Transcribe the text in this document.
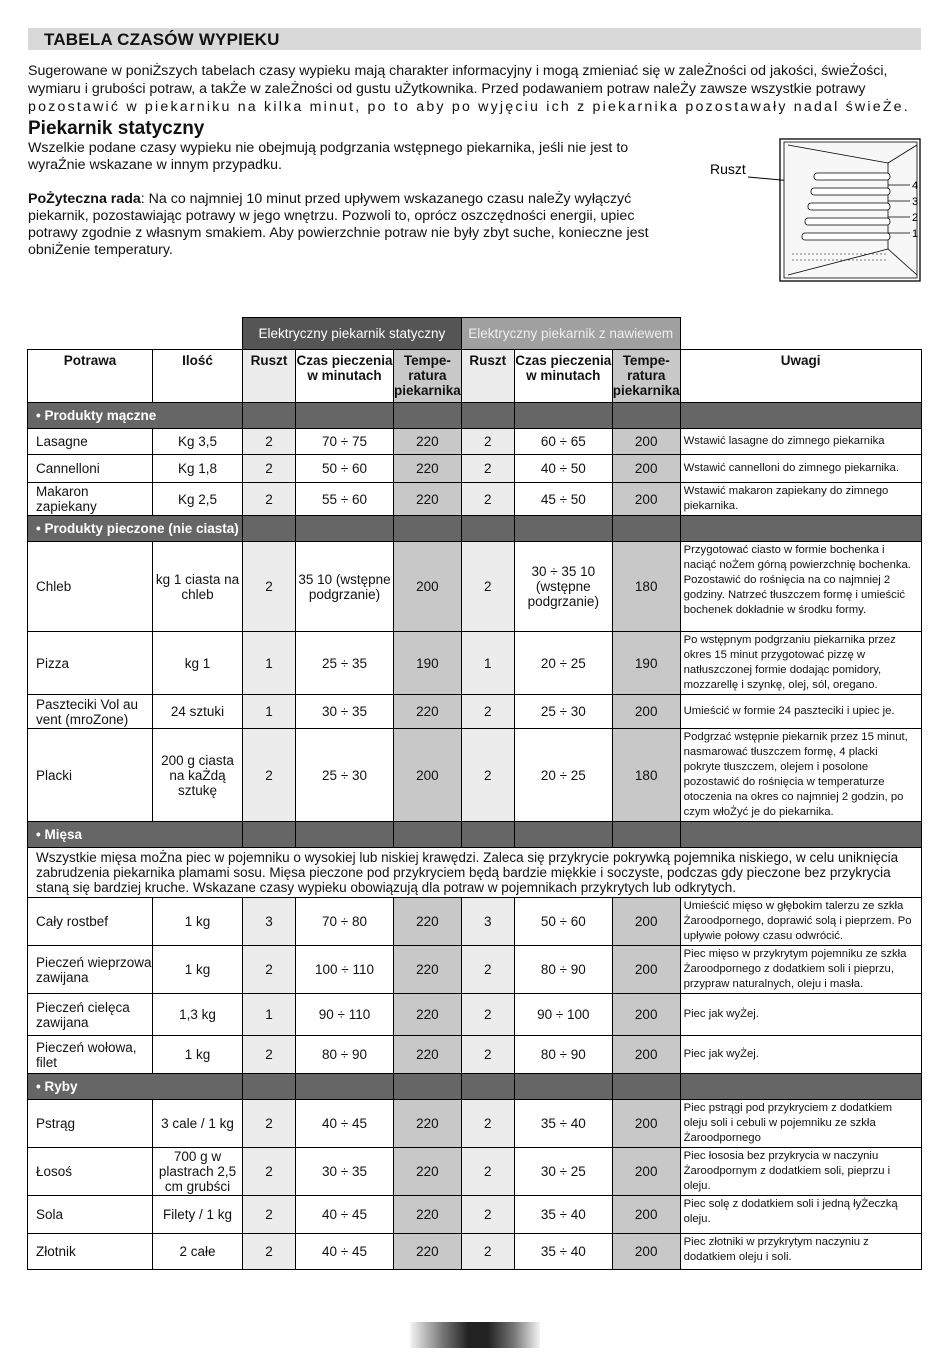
TABELA CZASÓW WYPIEKU
Sugerowane w poniŻszych tabelach czasy wypieku mają charakter informacyjny i mogą zmieniać się w zaleŻności od jakości, świeŻości,
wymiaru i grubości potraw, a takŻe w zaleŻności od gustu uŻytkownika. Przed podawaniem potraw naleŻy zawsze wszystkie potrawy
pozostawić w piekarniku na kilka minut, po to aby po wyjęciu ich z piekarnika pozostawały nadal świeŻe.
Piekarnik statyczny
Wszelkie podane czasy wypieku nie obejmują podgrzania wstępnego piekarnika, jeśli nie jest to wyraŹnie wskazane w innym przypadku.
PoŻyteczna rada: Na co najmniej 10 minut przed upływem wskazanego czasu naleŻy wyłączyć piekarnik, pozostawiając potrawy w jego wnętrzu. Pozwoli to, oprócz oszczędności energii, upiec potrawy zgodnie z własnym smakiem. Aby powierzchnie potraw nie były zbyt suche, konieczne jest obniŻenie temperatury.
Ruszt
4
3
2
1
		Elektryczny piekarnik statyczny			Elektryczny piekarnik z nawiewem			
Potrawa	Ilość	Ruszt	Czas pieczenia w minutach	Tempe- ratura piekarnika	Ruszt	Czas pieczenia w minutach	Tempe- ratura piekarnika	Uwagi
• Produkty mączne								
Lasagne	Kg 3,5	2	70 ÷ 75	220	2	60 ÷ 65	200	Wstawić lasagne do zimnego piekarnika
Cannelloni	Kg 1,8	2	50 ÷ 60	220	2	40 ÷ 50	200	Wstawić cannelloni do zimnego piekarnika.
Makaron zapiekany	Kg 2,5	2	55 ÷ 60	220	2	45 ÷ 50	200	Wstawić makaron zapiekany do zimnego piekarnika.
• Produkty pieczone (nie ciasta)								
Chleb	kg 1 ciasta na chleb	2	35 10 (wstępne podgrzanie)	200	2	30 ÷ 35 10 (wstępne podgrzanie)	180	Przygotować ciasto w formie bochenka i naciąć noŻem górną powierzchnię bochenka. Pozostawić do rośnięcia na co najmniej 2 godziny. Natrzeć tłuszczem formę i umieścić bochenek dokładnie w środku formy.
Pizza	kg 1	1	25 ÷ 35	190	1	20 ÷ 25	190	Po wstępnym podgrzaniu piekarnika przez okres 15 minut przygotować pizzę w natłuszczonej formie dodając pomidory, mozzarellę i szynkę, olej, sól, oregano.
Paszteciki Vol au vent (mroZone)	24 sztuki	1	30 ÷ 35	220	2	25 ÷ 30	200	Umieścić w formie 24 paszteciki i upiec je.
Placki	200 g ciasta na kaŻdą sztukę	2	25 ÷ 30	200	2	20 ÷ 25	180	Podgrzać wstępnie piekarnik przez 15 minut, nasmarować tłuszczem formę, 4 placki pokryte tłuszczem, olejem i posolone pozostawić do rośnięcia w temperaturze otoczenia na okres co najmniej 2 godzin, po czym włoŻyć je do piekarnika.
• Mięsa								
Wszystkie mięsa moŻna piec w pojemniku o wysokiej lub niskiej krawędzi. Zaleca się przykrycie pokrywką pojemnika niskiego, w celu uniknięcia zabrudzenia piekarnika plamami sosu. Mięsa pieczone pod przykryciem będą bardzie miękkie i soczyste, podczas gdy pieczone bez przykrycia staną się bardziej kruche. Wskazane czasy wypieku obowiązują dla potraw w pojemnikach przykrytych lub odkrytych.								
Cały rostbef	1 kg	3	70 ÷ 80	220	3	50 ÷ 60	200	Umieścić mięso w głębokim talerzu ze szkła Żaroodpornego, doprawić solą i pieprzem. Po upływie połowy czasu odwrócić.
Pieczeń wieprzowa zawijana	1 kg	2	100 ÷ 110	220	2	80 ÷ 90	200	Piec mięso w przykrytym pojemniku ze szkła Żaroodpornego z dodatkiem soli i pieprzu, przypraw naturalnych, oleju i masła.
Pieczeń cielęca zawijana	1,3 kg	1	90 ÷ 110	220	2	90 ÷ 100	200	Piec jak wyŻej.
Pieczeń wołowa, filet	1 kg	2	80 ÷ 90	220	2	80 ÷ 90	200	Piec jak wyŻej.
• Ryby								
Pstrąg	3 cale / 1 kg	2	40 ÷ 45	220	2	35 ÷ 40	200	Piec pstrągi pod przykryciem z dodatkiem oleju soli i cebuli w pojemniku ze szkła Żaroodpornego
Łosoś	700 g w plastrach 2,5 cm grubści	2	30 ÷ 35	220	2	30 ÷ 25	200	Piec łososia bez przykrycia w naczyniu Żaroodpornym z dodatkiem soli, pieprzu i oleju.
Sola	Filety / 1 kg	2	40 ÷ 45	220	2	35 ÷ 40	200	Piec solę z dodatkiem soli i jedną łyŻeczką oleju.
Złotnik	2 całe	2	40 ÷ 45	220	2	35 ÷ 40	200	Piec złotniki w przykrytym naczyniu z dodatkiem oleju i soli.
